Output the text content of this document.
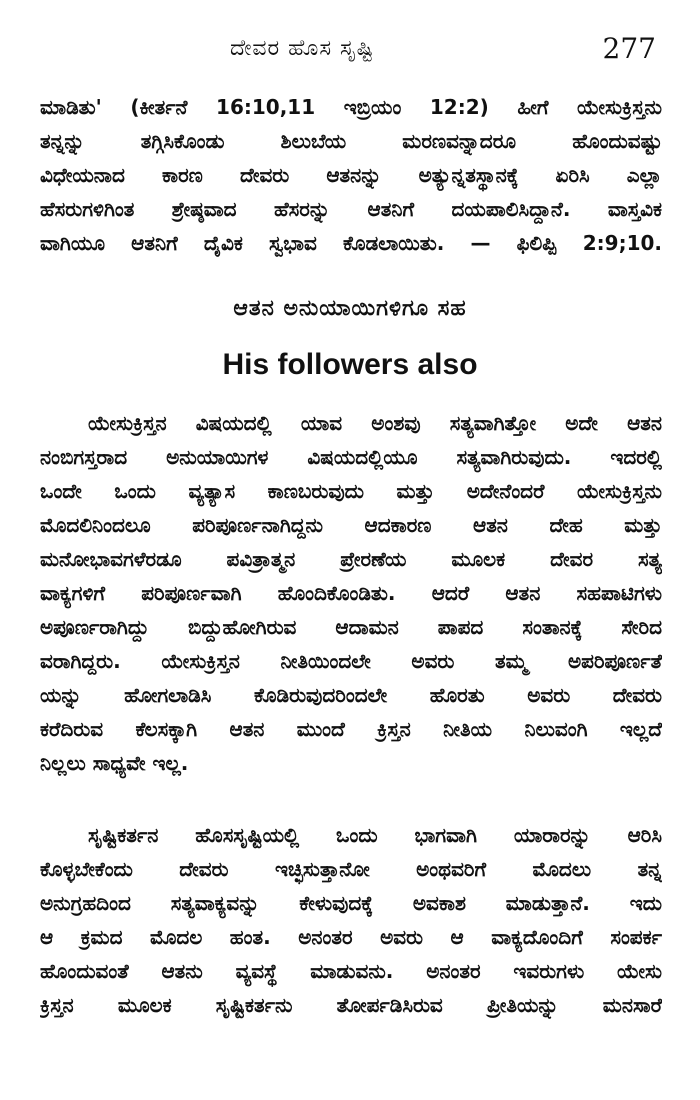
ದೇವರ ಹೊಸ ಸೃಷ್ಟಿ	277
ಮಾಡಿತು' (ಕೀರ್ತನೆ 16:10,11 ಇಬ್ರಿಯಂ 12:2) ಹೀಗೆ ಯೇಸುಕ್ರಿಸ್ತನು
ತನ್ನನ್ನು ತಗ್ಗಿಸಿಕೊಂಡು ಶಿಲುಬೆಯ ಮರಣವನ್ನಾದರೂ ಹೊಂದುವಷ್ಟು
ವಿಧೇಯನಾದ ಕಾರಣ ದೇವರು ಆತನನ್ನು ಅತ್ಯುನ್ನತಸ್ಥಾನಕ್ಕೆ ಏರಿಸಿ ಎಲ್ಲಾ
ಹೆಸರುಗಳಿಗಿಂತ ಶ್ರೇಷ್ಠವಾದ ಹೆಸರನ್ನು ಆತನಿಗೆ ದಯಪಾಲಿಸಿದ್ದಾನೆ. ವಾಸ್ತವಿಕ
ವಾಗಿಯೂ ಆತನಿಗೆ ದೈವಿಕ ಸ್ವಭಾವ ಕೊಡಲಾಯಿತು. — ಫಿಲಿಪ್ಪಿ 2:9;10.
ಆತನ ಅನುಯಾಯಿಗಳಿಗೂ ಸಹ
His followers also
ಯೇಸುಕ್ರಿಸ್ತನ ವಿಷಯದಲ್ಲಿ ಯಾವ ಅಂಶವು ಸತ್ಯವಾಗಿತ್ತೋ ಅದೇ ಆತನ
ನಂಬಿಗಸ್ತರಾದ ಅನುಯಾಯಿಗಳ ವಿಷಯದಲ್ಲಿಯೂ ಸತ್ಯವಾಗಿರುವುದು. ಇದರಲ್ಲಿ
ಒಂದೇ ಒಂದು ವ್ಯತ್ಯಾಸ ಕಾಣಬರುವುದು ಮತ್ತು ಅದೇನೆಂದರೆ ಯೇಸುಕ್ರಿಸ್ತನು
ಮೊದಲಿನಿಂದಲೂ ಪರಿಪೂರ್ಣನಾಗಿದ್ದನು ಆದಕಾರಣ ಆತನ ದೇಹ ಮತ್ತು
ಮನೋಭಾವಗಳೆರಡೂ ಪವಿತ್ರಾತ್ಮನ ಪ್ರೇರಣೆಯ ಮೂಲಕ ದೇವರ ಸತ್ಯ
ವಾಕ್ಯಗಳಿಗೆ ಪರಿಪೂರ್ಣವಾಗಿ ಹೊಂದಿಕೊಂಡಿತು. ಆದರೆ ಆತನ ಸಹಪಾಟಿಗಳು
ಅಪೂರ್ಣರಾಗಿದ್ದು ಬಿದ್ದುಹೋಗಿರುವ ಆದಾಮನ ಪಾಪದ ಸಂತಾನಕ್ಕೆ ಸೇರಿದ
ವರಾಗಿದ್ದರು. ಯೇಸುಕ್ರಿಸ್ತನ ನೀತಿಯಿಂದಲೇ ಅವರು ತಮ್ಮ ಅಪರಿಪೂರ್ಣತೆ
ಯನ್ನು ಹೋಗಲಾಡಿಸಿ ಕೊಡಿರುವುದರಿಂದಲೇ ಹೊರತು ಅವರು ದೇವರು
ಕರೆದಿರುವ ಕೆಲಸಕ್ಕಾಗಿ ಆತನ ಮುಂದೆ ಕ್ರಿಸ್ತನ ನೀತಿಯ ನಿಲುವಂಗಿ ಇಲ್ಲದೆ
ನಿಲ್ಲಲು ಸಾಧ್ಯವೇ ಇಲ್ಲ.
ಸೃಷ್ಟಿಕರ್ತನ ಹೊಸಸೃಷ್ಟಿಯಲ್ಲಿ ಒಂದು ಭಾಗವಾಗಿ ಯಾರಾರನ್ನು ಆರಿಸಿ
ಕೊಳ್ಳಬೇಕೆಂದು ದೇವರು ಇಚ್ಛಿಸುತ್ತಾನೋ ಅಂಥವರಿಗೆ ಮೊದಲು ತನ್ನ
ಅನುಗ್ರಹದಿಂದ ಸತ್ಯವಾಕ್ಯವನ್ನು ಕೇಳುವುದಕ್ಕೆ ಅವಕಾಶ ಮಾಡುತ್ತಾನೆ. ಇದು
ಆ ಕ್ರಮದ ಮೊದಲ ಹಂತ. ಅನಂತರ ಅವರು ಆ ವಾಕ್ಯದೊಂದಿಗೆ ಸಂಪರ್ಕ
ಹೊಂದುವಂತೆ ಆತನು ವ್ಯವಸ್ಥೆ ಮಾಡುವನು. ಅನಂತರ ಇವರುಗಳು ಯೇಸು
ಕ್ರಿಸ್ತನ ಮೂಲಕ ಸೃಷ್ಟಿಕರ್ತನು ತೋರ್ಪಡಿಸಿರುವ ಪ್ರೀತಿಯನ್ನು ಮನಸಾರೆ
